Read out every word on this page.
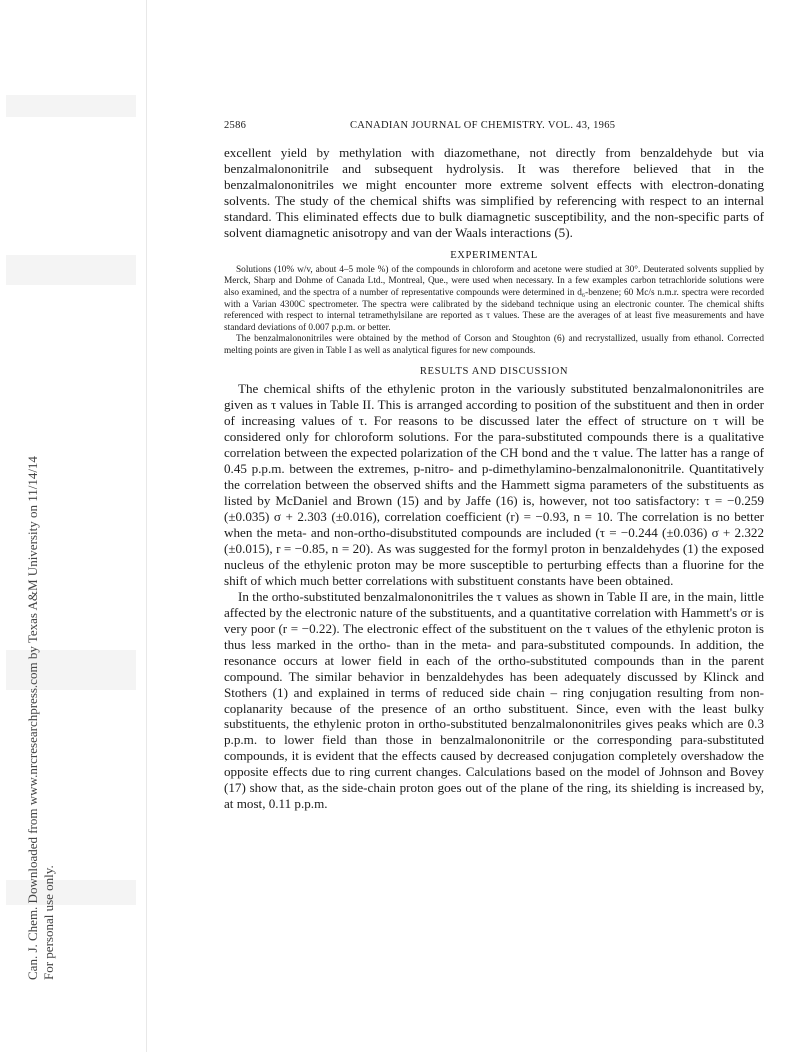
Can. J. Chem. Downloaded from www.nrcresearchpress.com by Texas A&M University on 11/14/14 For personal use only.
2586	CANADIAN JOURNAL OF CHEMISTRY. VOL. 43, 1965

excellent yield by methylation with diazomethane, not directly from benzaldehyde but via benzalmalononitrile and subsequent hydrolysis. It was therefore believed that in the benzalmalononitriles we might encounter more extreme solvent effects with electron-donating solvents. The study of the chemical shifts was simplified by referencing with respect to an internal standard. This eliminated effects due to bulk diamagnetic susceptibility, and the non-specific parts of solvent diamagnetic anisotropy and van der Waals interactions (5).

EXPERIMENTAL

Solutions (10% w/v, about 4–5 mole %) of the compounds in chloroform and acetone were studied at 30°. Deuterated solvents supplied by Merck, Sharp and Dohme of Canada Ltd., Montreal, Que., were used when necessary. In a few examples carbon tetrachloride solutions were also examined, and the spectra of a number of representative compounds were determined in d₆-benzene; 60 Mc/s n.m.r. spectra were recorded with a Varian 4300C spectrometer. The spectra were calibrated by the sideband technique using an electronic counter. The chemical shifts referenced with respect to internal tetramethylsilane are reported as τ values. These are the averages of at least five measurements and have standard deviations of 0.007 p.p.m. or better.

The benzalmalononitriles were obtained by the method of Corson and Stoughton (6) and recrystallized, usually from ethanol. Corrected melting points are given in Table I as well as analytical figures for new compounds.

RESULTS AND DISCUSSION

The chemical shifts of the ethylenic proton in the variously substituted benzalmalononitriles are given as τ values in Table II. This is arranged according to position of the substituent and then in order of increasing values of τ. For reasons to be discussed later the effect of structure on τ will be considered only for chloroform solutions. For the para-substituted compounds there is a qualitative correlation between the expected polarization of the CH bond and the τ value. The latter has a range of 0.45 p.p.m. between the extremes, p-nitro- and p-dimethylamino-benzalmalononitrile. Quantitatively the correlation between the observed shifts and the Hammett sigma parameters of the substituents as listed by McDaniel and Brown (15) and by Jaffe (16) is, however, not too satisfactory: τ = −0.259 (±0.035) σ + 2.303 (±0.016), correlation coefficient (r) = −0.93, n = 10. The correlation is no better when the meta- and non-ortho-disubstituted compounds are included (τ = −0.244 (±0.036) σ + 2.322 (±0.015), r = −0.85, n = 20). As was suggested for the formyl proton in benzaldehydes (1) the exposed nucleus of the ethylenic proton may be more susceptible to perturbing effects than a fluorine for the shift of which much better correlations with substituent constants have been obtained.

In the ortho-substituted benzalmalononitriles the τ values as shown in Table II are, in the main, little affected by the electronic nature of the substituents, and a quantitative correlation with Hammett's σr is very poor (r = −0.22). The electronic effect of the substituent on the τ values of the ethylenic proton is thus less marked in the ortho- than in the meta- and para-substituted compounds. In addition, the resonance occurs at lower field in each of the ortho-substituted compounds than in the parent compound. The similar behavior in benzaldehydes has been adequately discussed by Klinck and Stothers (1) and explained in terms of reduced side chain – ring conjugation resulting from non-coplanarity because of the presence of an ortho substituent. Since, even with the least bulky substituents, the ethylenic proton in ortho-substituted benzalmalononitriles gives peaks which are 0.3 p.p.m. to lower field than those in benzalmalononitrile or the corresponding para-substituted compounds, it is evident that the effects caused by decreased conjugation completely overshadow the opposite effects due to ring current changes. Calculations based on the model of Johnson and Bovey (17) show that, as the side-chain proton goes out of the plane of the ring, its shielding is increased by, at most, 0.11 p.p.m.
